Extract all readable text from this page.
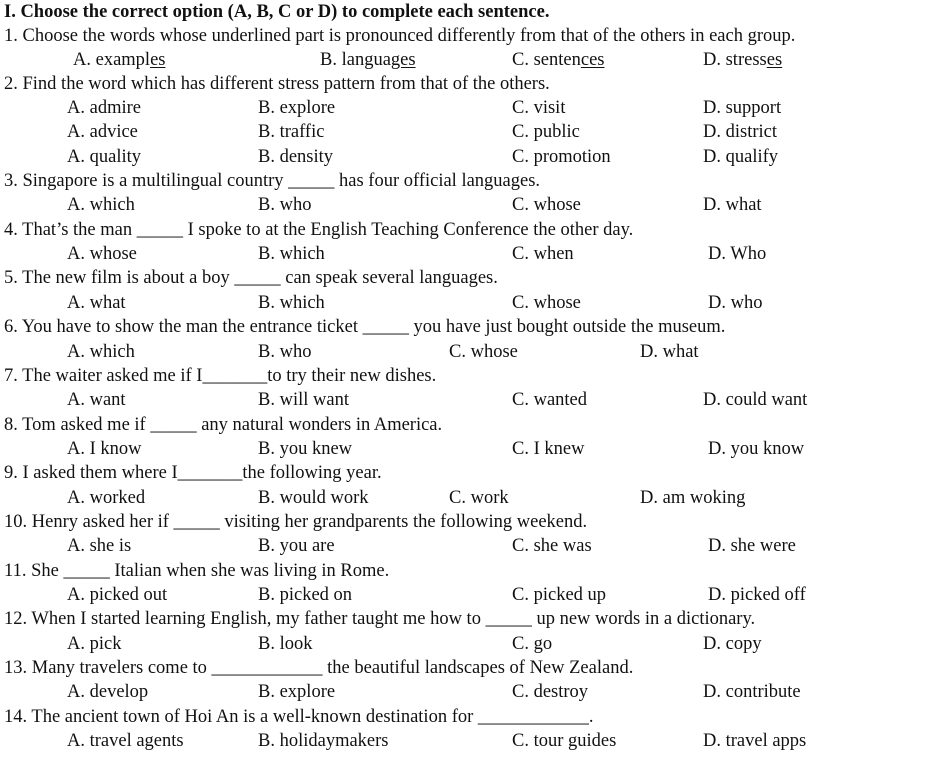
I. Choose the correct option (A, B, C or D) to complete each sentence.
1. Choose the words whose underlined part is pronounced differently from that of the others in each group.
A. examples	B. languages	C. sentences	D. stresses
2. Find the word which has different stress pattern from that of the others.
A. admire	B. explore	C. visit	D. support
A. advice	B. traffic	C. public	D. district
A. quality	B. density	C. promotion	D. qualify
3. Singapore is a multilingual country _____ has four official languages.
A. which	B. who	C. whose	D. what
4. That’s the man _____ I spoke to at the English Teaching Conference the other day.
A. whose	B. which	C. when	D. Who
5. The new film is about a boy _____ can speak several languages.
A. what	B. which	C. whose	D. who
6. You have to show the man the entrance ticket _____ you have just bought outside the museum.
A. which	B. who	C. whose	D. what
7. The waiter asked me if I_______to try their new dishes.
A. want	B. will want	C. wanted	D. could want
8. Tom asked me if _____ any natural wonders in America.
A. I know	B. you knew	C. I knew	D. you know
9. I asked them where I_______the following year.
A. worked	B. would work	C. work	D. am woking
10. Henry asked her if _____ visiting her grandparents the following weekend.
A. she is	B. you are	C. she was	D. she were
11. She _____ Italian when she was living in Rome.
A. picked out	B. picked on	C. picked up	D. picked off
12. When I started learning English, my father taught me how to _____ up new words in a dictionary.
A. pick	B. look	C. go	D. copy
13. Many travelers come to ____________ the beautiful landscapes of New Zealand.
A. develop	B. explore	C. destroy	D. contribute
14. The ancient town of Hoi An is a well-known destination for ____________.
A. travel agents	B. holidaymakers	C. tour guides	D. travel apps
